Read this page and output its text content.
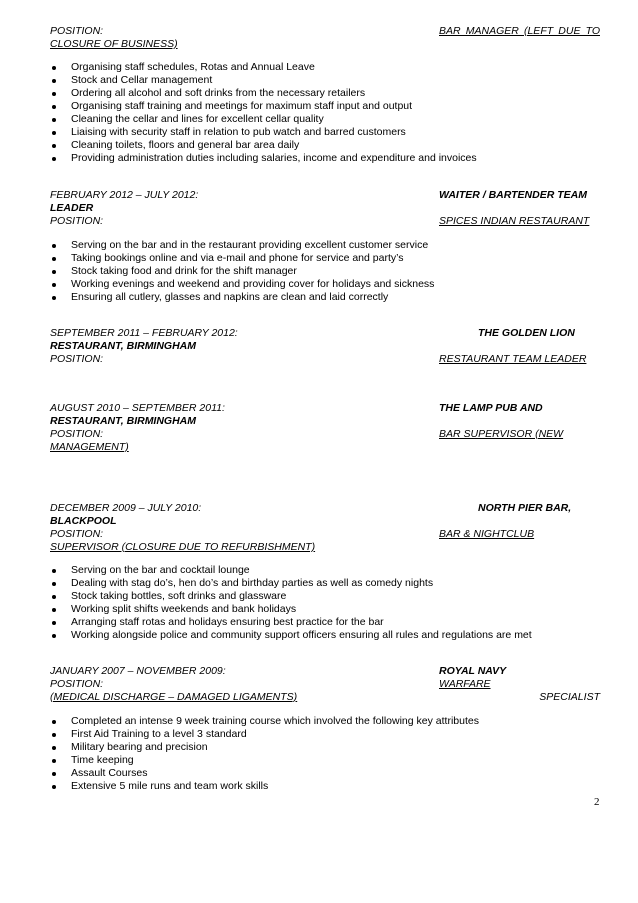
POSITION:	BAR MANAGER (LEFT DUE TO
CLOSURE OF BUSINESS)
Organising staff schedules, Rotas and Annual Leave
Stock and Cellar management
Ordering all alcohol and soft drinks from the necessary retailers
Organising staff training and meetings for maximum staff input and output
Cleaning the cellar and lines for excellent cellar quality
Liaising with security staff in relation to pub watch and barred customers
Cleaning toilets, floors and general bar area daily
Providing administration duties including salaries, income and expenditure and invoices
FEBRUARY 2012 – JULY 2012:	WAITER / BARTENDER TEAM
LEADER
POSITION:	SPICES INDIAN RESTAURANT
Serving on the bar and in the restaurant providing excellent customer service
Taking bookings online and via e-mail and phone for service and party’s
Stock taking food and drink for the shift manager
Working evenings and weekend and providing cover for holidays and sickness
Ensuring all cutlery, glasses and napkins are clean and laid correctly
SEPTEMBER 2011 – FEBRUARY 2012:	THE GOLDEN LION
RESTAURANT, BIRMINGHAM
POSITION:	RESTAURANT TEAM LEADER
AUGUST 2010 – SEPTEMBER 2011:	THE LAMP PUB AND
RESTAURANT, BIRMINGHAM
POSITION:	BAR SUPERVISOR (NEW
MANAGEMENT)
DECEMBER 2009 – JULY 2010:	NORTH PIER BAR,
BLACKPOOL
POSITION:	BAR & NIGHTCLUB
SUPERVISOR (CLOSURE DUE TO REFURBISHMENT)
Serving on the bar and cocktail lounge
Dealing with stag do’s, hen do’s and birthday parties as well as comedy nights
Stock taking bottles, soft drinks and glassware
Working split shifts weekends and bank holidays
Arranging staff rotas and holidays ensuring best practice for the bar
Working alongside police and community support officers ensuring all rules and regulations are met
JANUARY 2007 – NOVEMBER 2009:	ROYAL NAVY
POSITION:	WARFARE
SPECIALIST
(MEDICAL DISCHARGE – DAMAGED LIGAMENTS)
Completed an intense 9 week training course which involved the following key attributes
First Aid Training to a level 3 standard
Military bearing and precision
Time keeping
Assault Courses
Extensive 5 mile runs and team work skills
2
